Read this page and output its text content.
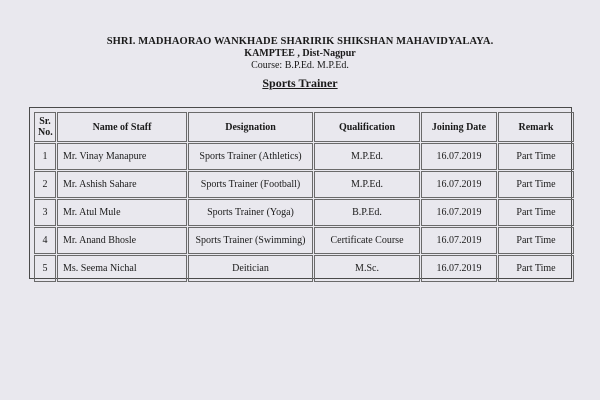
SHRI. MADHAORAO WANKHADE SHARIRIK SHIKSHAN MAHAVIDYALAYA.
KAMPTEE , Dist-Nagpur
Course: B.P.Ed. M.P.Ed.
Sports Trainer
Sr. No.	Name of Staff	Designation	Qualification	Joining Date	Remark
1	Mr. Vinay Manapure	Sports Trainer (Athletics)	M.P.Ed.	16.07.2019	Part Time
2	Mr. Ashish Sahare	Sports Trainer (Football)	M.P.Ed.	16.07.2019	Part Time
3	Mr. Atul Mule	Sports Trainer (Yoga)	B.P.Ed.	16.07.2019	Part Time
4	Mr. Anand Bhosle	Sports Trainer (Swimming)	Certificate Course	16.07.2019	Part Time
5	Ms. Seema Nichal	Deitician	M.Sc.	16.07.2019	Part Time
